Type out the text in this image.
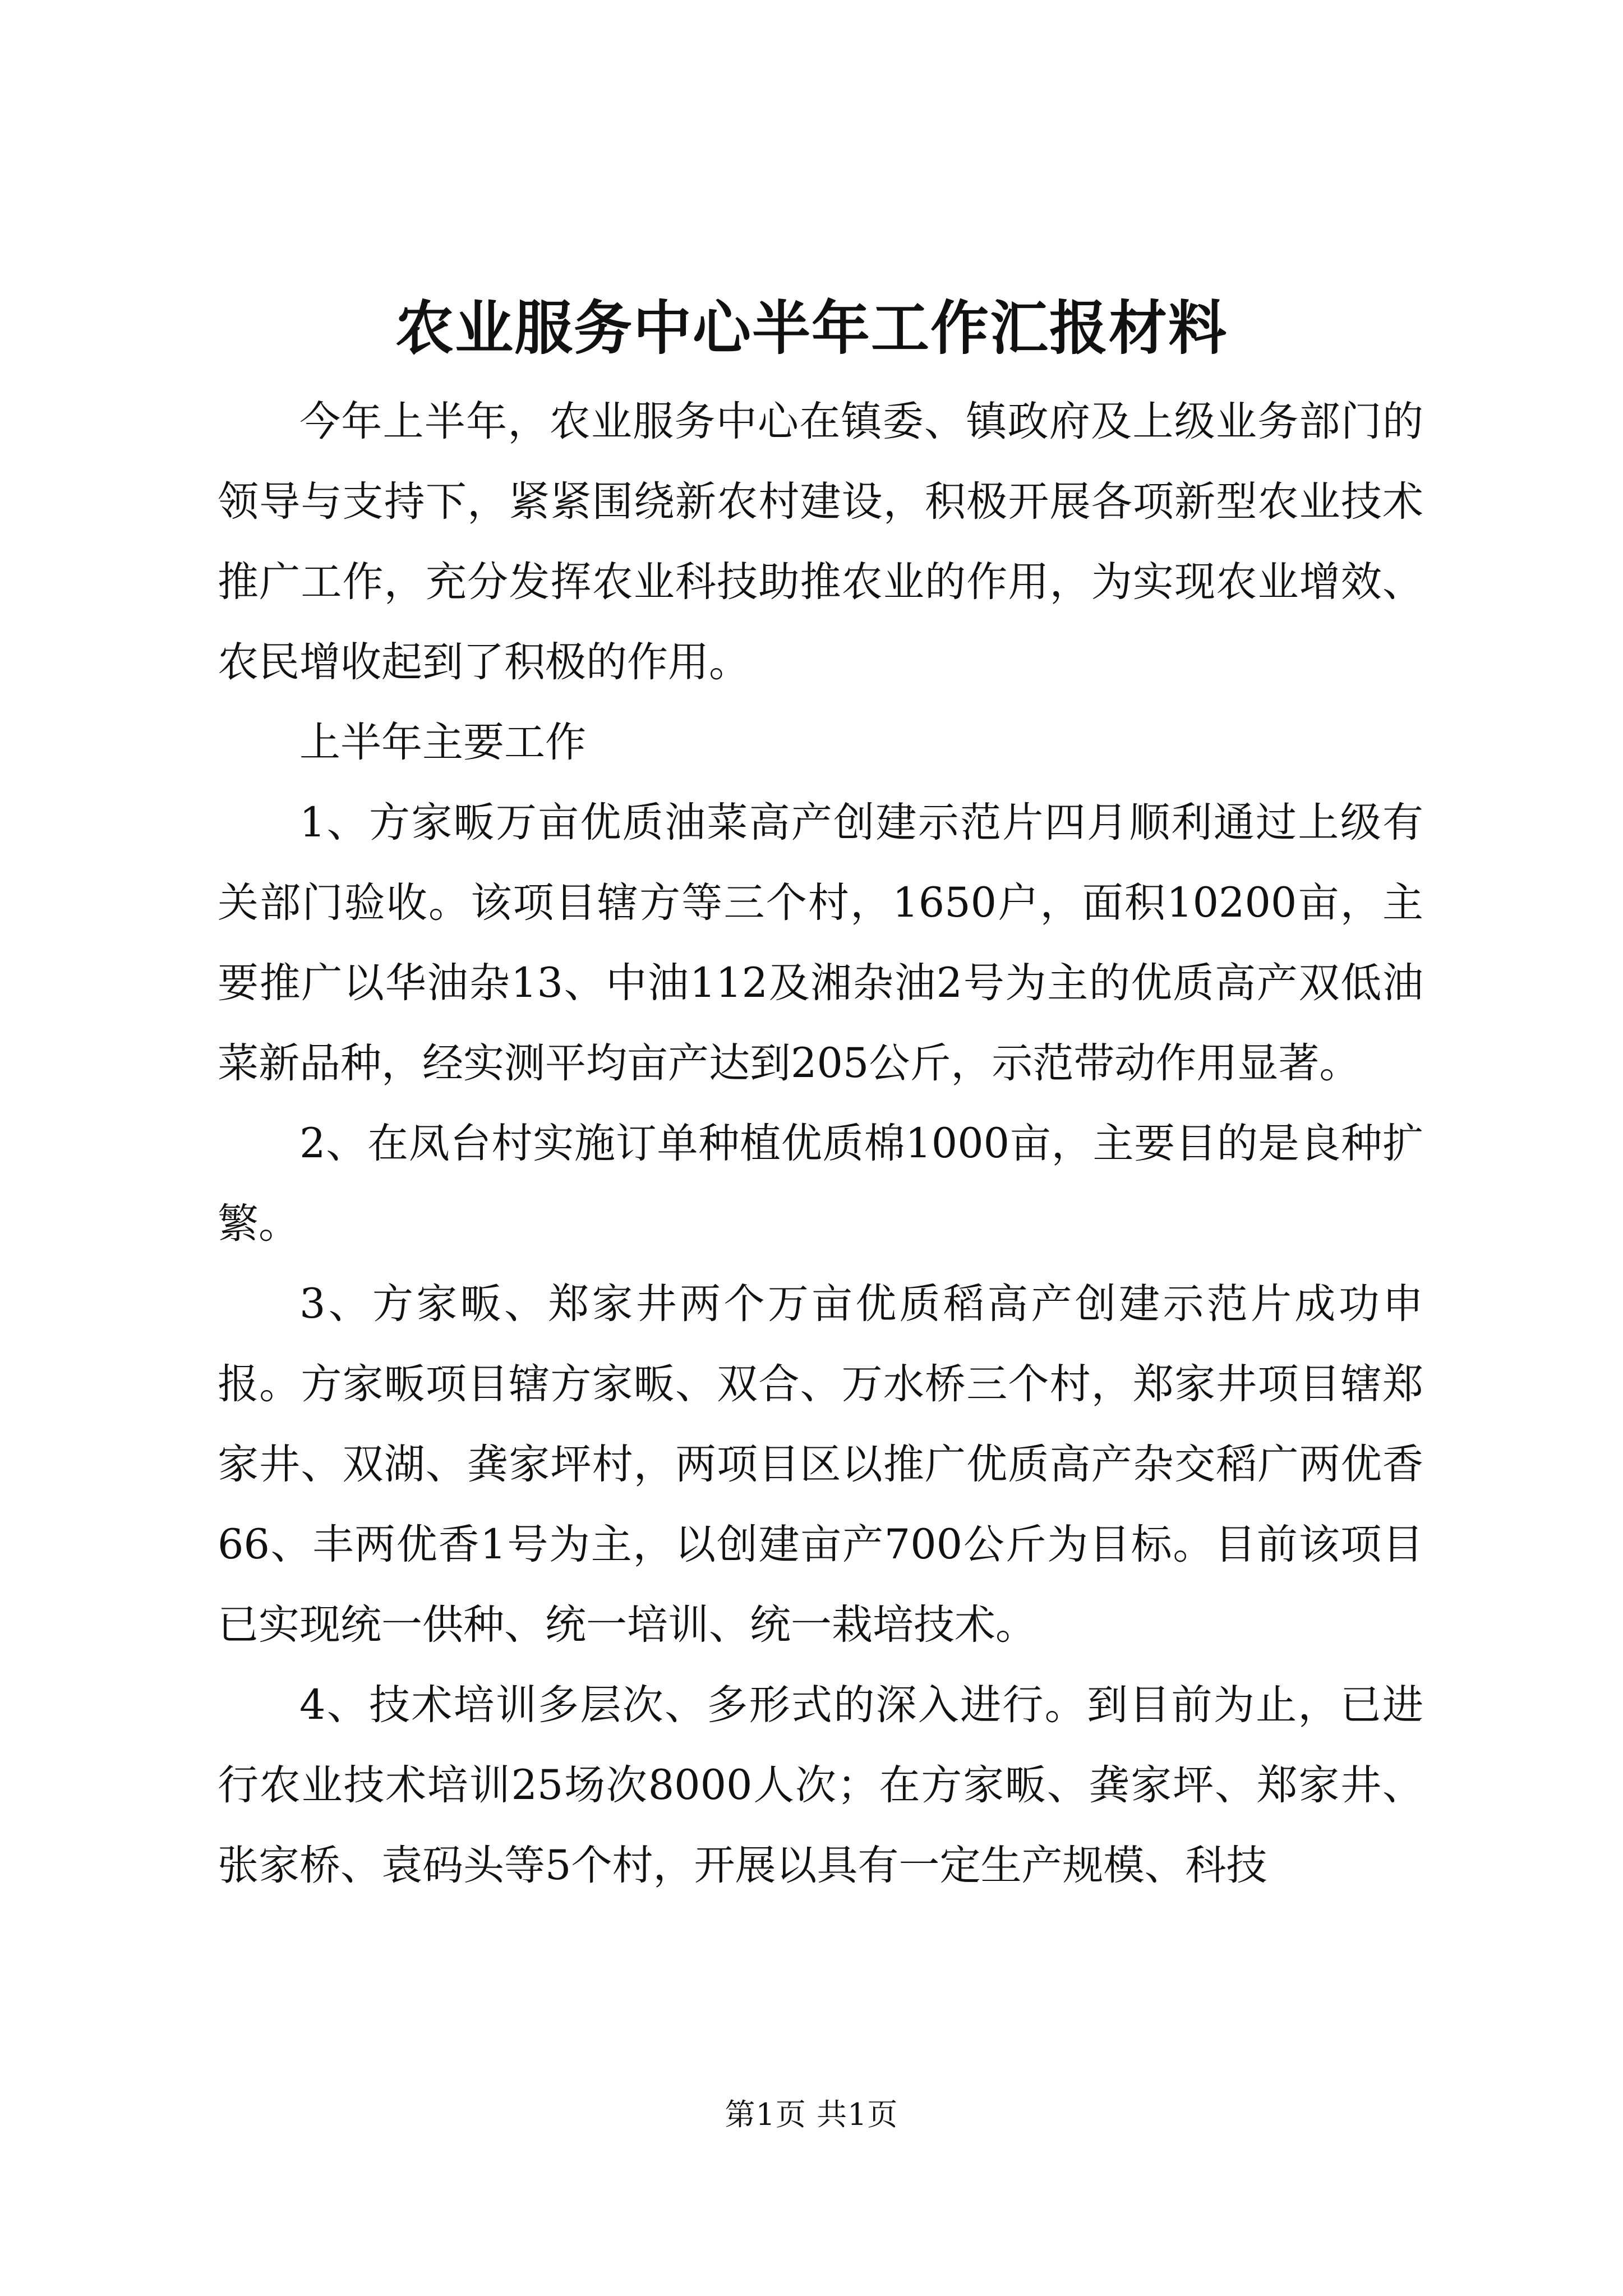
农业服务中心半年工作汇报材料

今年上半年，农业服务中心在镇委、镇政府及上级业务部门的领导与支持下，紧紧围绕新农村建设，积极开展各项新型农业技术推广工作，充分发挥农业科技助推农业的作用，为实现农业增效、农民增收起到了积极的作用。

上半年主要工作

1、方家畈万亩优质油菜高产创建示范片四月顺利通过上级有关部门验收。该项目辖方等三个村，1650户，面积10200亩，主要推广以华油杂13、中油112及湘杂油2号为主的优质高产双低油菜新品种，经实测平均亩产达到205公斤，示范带动作用显著。

2、在凤台村实施订单种植优质棉1000亩，主要目的是良种扩繁。

3、方家畈、郑家井两个万亩优质稻高产创建示范片成功申报。方家畈项目辖方家畈、双合、万水桥三个村，郑家井项目辖郑家井、双湖、龚家坪村，两项目区以推广优质高产杂交稻广两优香66、丰两优香1号为主，以创建亩产700公斤为目标。目前该项目已实现统一供种、统一培训、统一栽培技术。

4、技术培训多层次、多形式的深入进行。到目前为止，已进行农业技术培训25场次8000人次；在方家畈、龚家坪、郑家井、张家桥、袁码头等5个村，开展以具有一定生产规模、科技

第1页 共1页
